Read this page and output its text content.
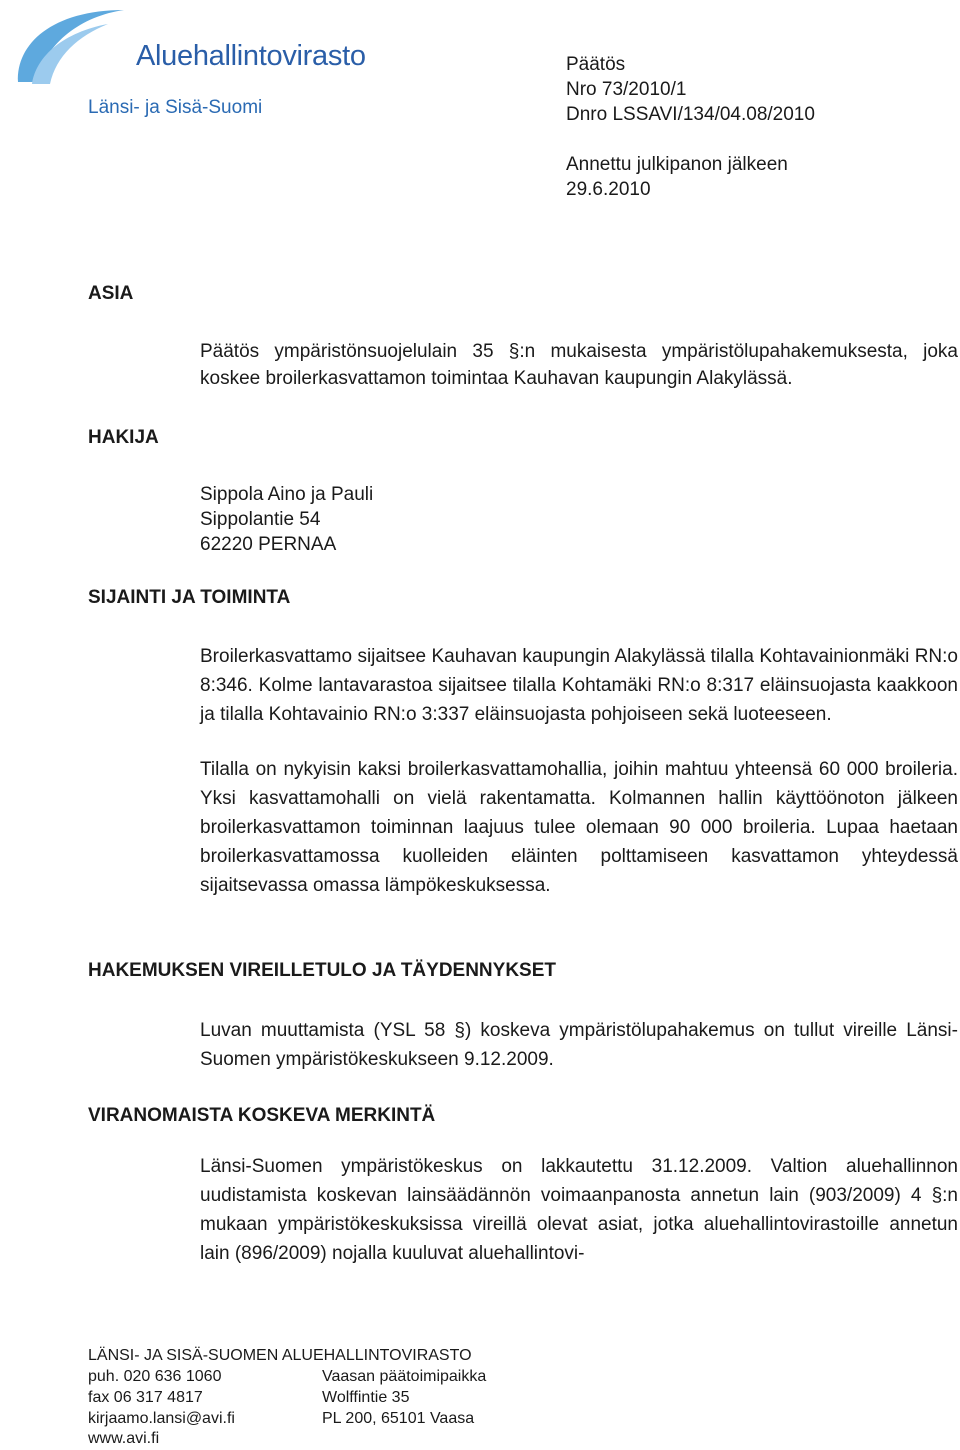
Aluehallintovirasto
Länsi- ja Sisä-Suomi
Päätös
Nro 73/2010/1
Dnro LSSAVI/134/04.08/2010
Annettu julkipanon jälkeen
29.6.2010
ASIA

Päätös ympäristönsuojelulain 35 §:n mukaisesta ympäristölupahakemuksesta, joka koskee broilerkasvattamon toimintaa Kauhavan kaupungin Alakylässä.

HAKIJA
Sippola Aino ja Pauli
Sippolantie 54
62220 PERNAA
SIJAINTI JA TOIMINTA

Broilerkasvattamo sijaitsee Kauhavan kaupungin Alakylässä tilalla Kohtavainionmäki RN:o 8:346. Kolme lantavarastoa sijaitsee tilalla Kohtamäki RN:o 8:317 eläinsuojasta kaakkoon ja tilalla Kohtavainio RN:o 3:337 eläinsuojasta pohjoiseen sekä luoteeseen.

Tilalla on nykyisin kaksi broilerkasvattamohallia, joihin mahtuu yhteensä 60 000 broileria. Yksi kasvattamohalli on vielä rakentamatta. Kolmannen hallin käyttöönoton jälkeen broilerkasvattamon toiminnan laajuus tulee olemaan 90 000 broileria. Lupaa haetaan broilerkasvattamossa kuolleiden eläinten polttamiseen kasvattamon yhteydessä sijaitsevassa omassa lämpökeskuksessa.

HAKEMUKSEN VIREILLETULO JA TÄYDENNYKSET

Luvan muuttamista (YSL 58 §) koskeva ympäristölupahakemus on tullut vireille Länsi-Suomen ympäristökeskukseen 9.12.2009.

VIRANOMAISTA KOSKEVA MERKINTÄ

Länsi-Suomen ympäristökeskus on lakkautettu 31.12.2009. Valtion aluehallinnon uudistamista koskevan lainsäädännön voimaanpanosta annetun lain (903/2009) 4 §:n mukaan ympäristökeskuksissa vireillä olevat asiat, jotka aluehallintovirastoille annetun lain (896/2009) nojalla kuuluvat aluehallintovi-

LÄNSI- JA SISÄ-SUOMEN ALUEHALLINTOVIRASTO
puh. 020 636 1060
fax 06 317 4817
kirjaamo.lansi@avi.fi
www.avi.fi
Vaasan päätoimipaikka
Wolffintie 35
PL 200, 65101 Vaasa
